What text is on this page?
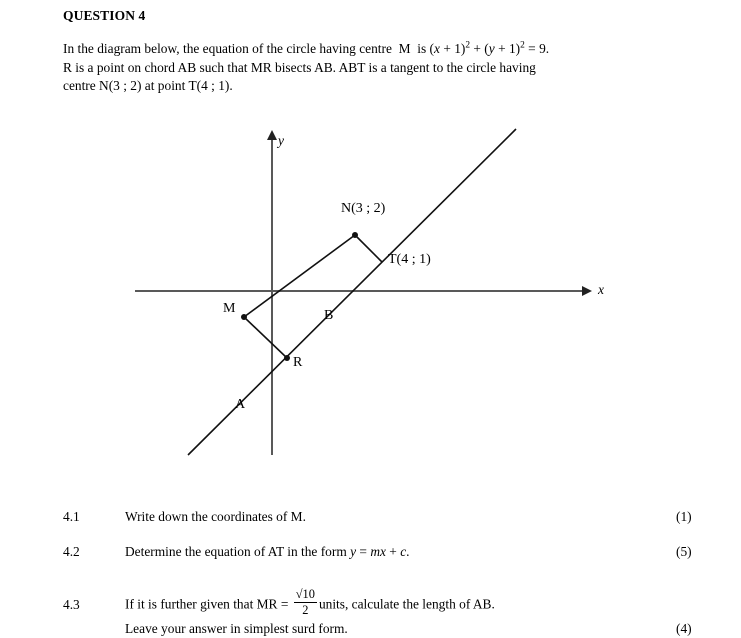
QUESTION 4
In the diagram below, the equation of the circle having centre M is $(x + 1)^2 + (y + 1)^2 = 9$.
R is a point on chord AB such that MR bisects AB. ABT is a tangent to the circle having
centre N(3 ; 2) at point T(4 ; 1).
x
y
M
R
N(3 ; 2)
T(4 ; 1)
A
B
4.1	Write down the coordinates of M.	(1)
4.2	Determine the equation of AT in the form y = mx + c.	(5)
4.3	If it is further given that MR = $\frac{√10}{2}$ units, calculate the length of AB.
Leave your answer in simplest surd form.	(4)
